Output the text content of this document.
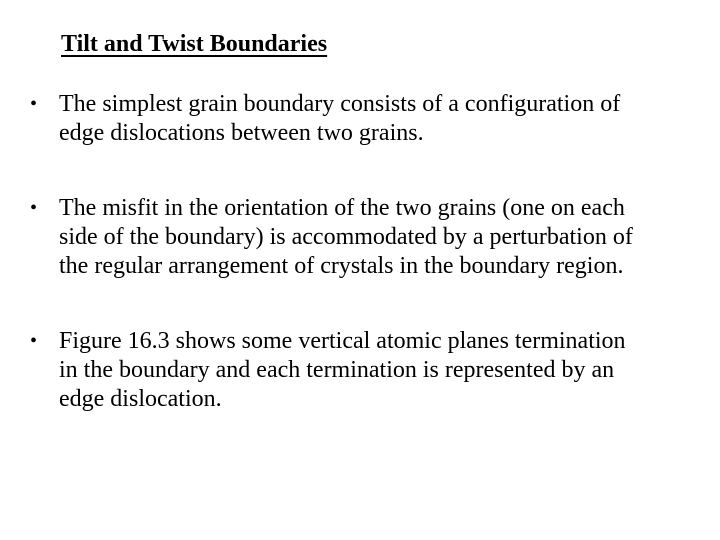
Tilt and Twist Boundaries
• The simplest grain boundary consists of a configuration of
edge dislocations between two grains.
• The misfit in the orientation of the two grains (one on each
side of the boundary) is accommodated by a perturbation of
the regular arrangement of crystals in the boundary region.
• Figure 16.3 shows some vertical atomic planes termination
in the boundary and each termination is represented by an
edge dislocation.
